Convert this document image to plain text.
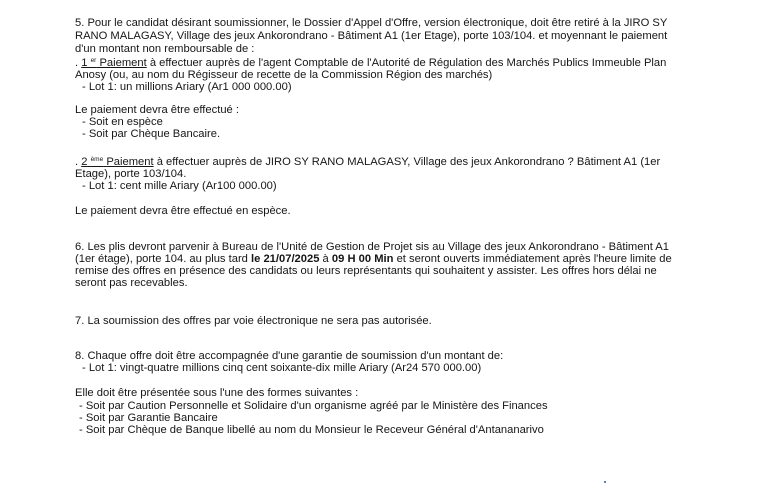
5. Pour le candidat désirant soumissionner, le Dossier d'Appel d'Offre, version électronique, doit être retiré à la JIRO SY
RANO MALAGASY, Village des jeux Ankorondrano - Bâtiment A1 (1er Etage), porte 103/104. et moyennant le paiement
d'un montant non remboursable de :
. 1 $^{er}$ Paiement à effectuer auprès de l'agent Comptable de l'Autorité de Régulation des Marchés Publics Immeuble Plan
Anosy (ou, au nom du Régisseur de recette de la Commission Région des marchés)
- Lot 1: un millions Ariary (Ar1 000 000.00)
Le paiement devra être effectué :
- Soit en espèce
- Soit par Chèque Bancaire.
. 2 $^{ème}$ Paiement à effectuer auprès de JIRO SY RANO MALAGASY, Village des jeux Ankorondrano ? Bâtiment A1 (1er
Etage), porte 103/104.
- Lot 1: cent mille Ariary (Ar100 000.00)
Le paiement devra être effectué en espèce.
6. Les plis devront parvenir à Bureau de l'Unité de Gestion de Projet sis au Village des jeux Ankorondrano - Bâtiment A1
(1er étage), porte 104. au plus tard le 21/07/2025 à 09 H 00 Min et seront ouverts immédiatement après l'heure limite de
remise des offres en présence des candidats ou leurs représentants qui souhaitent y assister. Les offres hors délai ne
seront pas recevables.
7. La soumission des offres par voie électronique ne sera pas autorisée.
8. Chaque offre doit être accompagnée d'une garantie de soumission d'un montant de:
- Lot 1: vingt-quatre millions cinq cent soixante-dix mille Ariary (Ar24 570 000.00)
Elle doit être présentée sous l'une des formes suivantes :
- Soit par Caution Personnelle et Solidaire d'un organisme agréé par le Ministère des Finances
- Soit par Garantie Bancaire
- Soit par Chèque de Banque libellé au nom du Monsieur le Receveur Général d'Antananarivo
